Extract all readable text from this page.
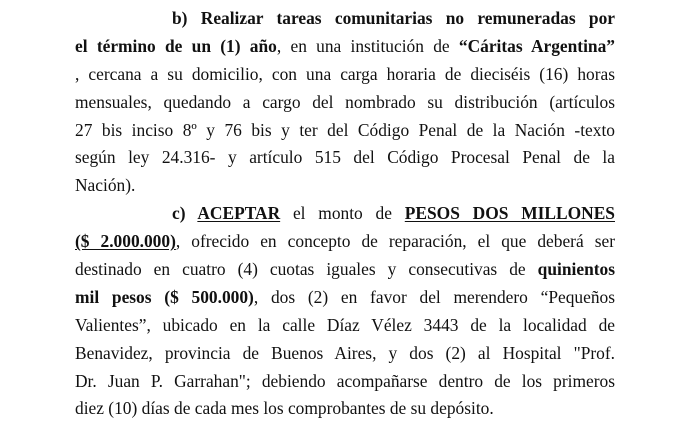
b) Realizar tareas comunitarias no remuneradas por
el término de un (1) año, en una institución de “Cáritas Argentina”
, cercana a su domicilio, con una carga horaria de dieciséis (16) horas
mensuales, quedando a cargo del nombrado su distribución (artículos
27 bis inciso 8º y 76 bis y ter del Código Penal de la Nación -texto
según ley 24.316- y artículo 515 del Código Procesal Penal de la
Nación).
c) ACEPTAR el monto de PESOS DOS MILLONES
($ 2.000.000), ofrecido en concepto de reparación, el que deberá ser
destinado en cuatro (4) cuotas iguales y consecutivas de quinientos
mil pesos ($ 500.000), dos (2) en favor del merendero “Pequeños
Valientes”, ubicado en la calle Díaz Vélez 3443 de la localidad de
Benavidez, provincia de Buenos Aires, y dos (2) al Hospital "Prof.
Dr. Juan P. Garrahan"; debiendo acompañarse dentro de los primeros
diez (10) días de cada mes los comprobantes de su depósito.
